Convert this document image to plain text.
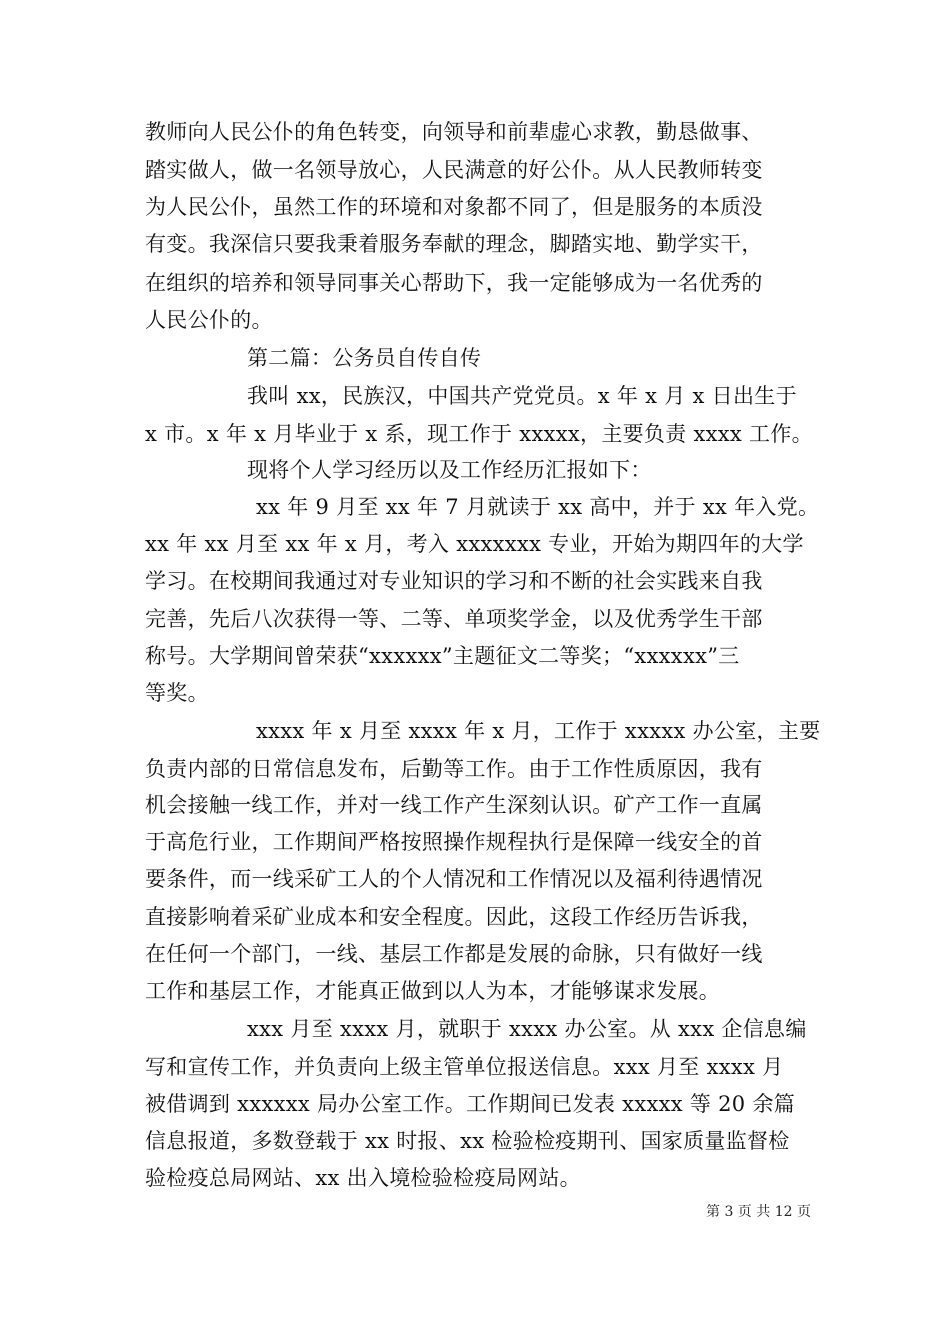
教师向人民公仆的角色转变，向领导和前辈虚心求教，勤恳做事、
踏实做人，做一名领导放心，人民满意的好公仆。从人民教师转变
为人民公仆，虽然工作的环境和对象都不同了，但是服务的本质没
有变。我深信只要我秉着服务奉献的理念，脚踏实地、勤学实干，
在组织的培养和领导同事关心帮助下，我一定能够成为一名优秀的
人民公仆的。
第二篇：公务员自传自传
我叫 xx，民族汉，中国共产党党员。x 年 x 月 x 日出生于
x 市。x 年 x 月毕业于 x 系，现工作于 xxxxx，主要负责 xxxx 工作。
现将个人学习经历以及工作经历汇报如下：
xx 年 9 月至 xx 年 7 月就读于 xx 高中，并于 xx 年入党。
xx 年 xx 月至 xx 年 x 月，考入 xxxxxxx 专业，开始为期四年的大学
学习。在校期间我通过对专业知识的学习和不断的社会实践来自我
完善，先后八次获得一等、二等、单项奖学金，以及优秀学生干部
称号。大学期间曾荣获“xxxxxx”主题征文二等奖；“xxxxxx”三
等奖。
xxxx 年 x 月至 xxxx 年 x 月，工作于 xxxxx 办公室，主要
负责内部的日常信息发布，后勤等工作。由于工作性质原因，我有
机会接触一线工作，并对一线工作产生深刻认识。矿产工作一直属
于高危行业，工作期间严格按照操作规程执行是保障一线安全的首
要条件，而一线采矿工人的个人情况和工作情况以及福利待遇情况
直接影响着采矿业成本和安全程度。因此，这段工作经历告诉我，
在任何一个部门，一线、基层工作都是发展的命脉，只有做好一线
工作和基层工作，才能真正做到以人为本，才能够谋求发展。
xxx 月至 xxxx 月，就职于 xxxx 办公室。从 xxx 企信息编
写和宣传工作，并负责向上级主管单位报送信息。xxx 月至 xxxx 月
被借调到 xxxxxx 局办公室工作。工作期间已发表 xxxxx 等 20 余篇
信息报道，多数登载于 xx 时报、xx 检验检疫期刊、国家质量监督检
验检疫总局网站、xx 出入境检验检疫局网站。
第 3 页 共 12 页
